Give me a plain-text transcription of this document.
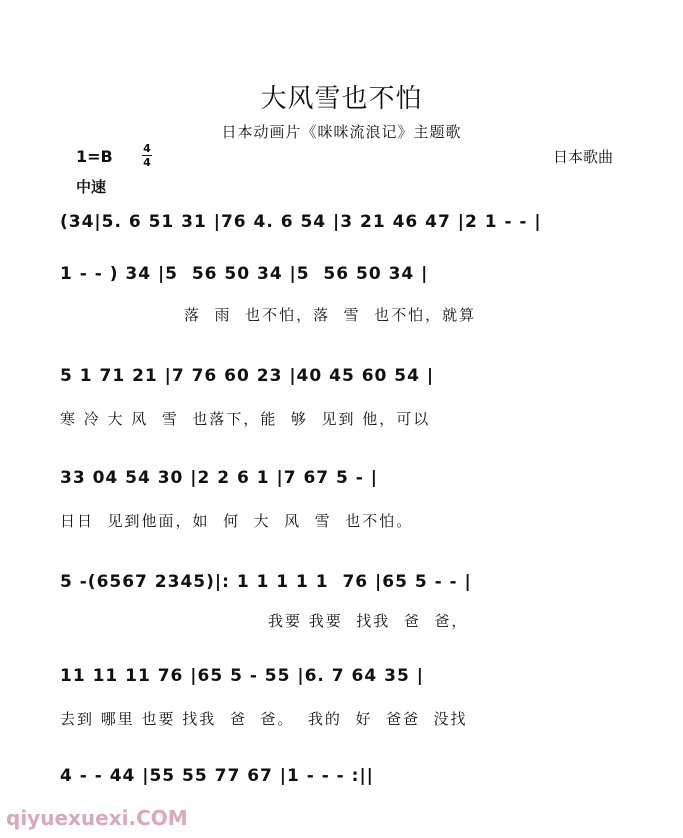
大风雪也不怕
日本动画片《咪咪流浪记》主题歌
1=B	4
4	日本歌曲
中速
(34|5. 6 51 31 |76 4. 6 54 |3 21 46 47 |2 1 - - |
1 - - ) 34 |5  56 50 34 |5  56 50 34 |
落  雨  也不怕，落  雪  也不怕，就算
5 1 71 21 |7 76 60 23 |40 45 60 54 |
寒 冷 大 风  雪  也落下，能  够  见到 他，可以
33 04 54 30 |2 2 6 1 |7 67 5 - |
日日  见到他面，如  何  大  风  雪  也不怕。
5 -(6567 2345)|: 1 1 1 1 1  76 |65 5 - - |
我要 我要  找我  爸  爸，
11 11 11 76 |65 5 - 55 |6. 7 64 35 |
去到 哪里 也要 找我  爸  爸。  我的  好  爸爸  没找
4 - - 44 |55 55 77 67 |1 - - - :||
qiyuexuexi.COM
